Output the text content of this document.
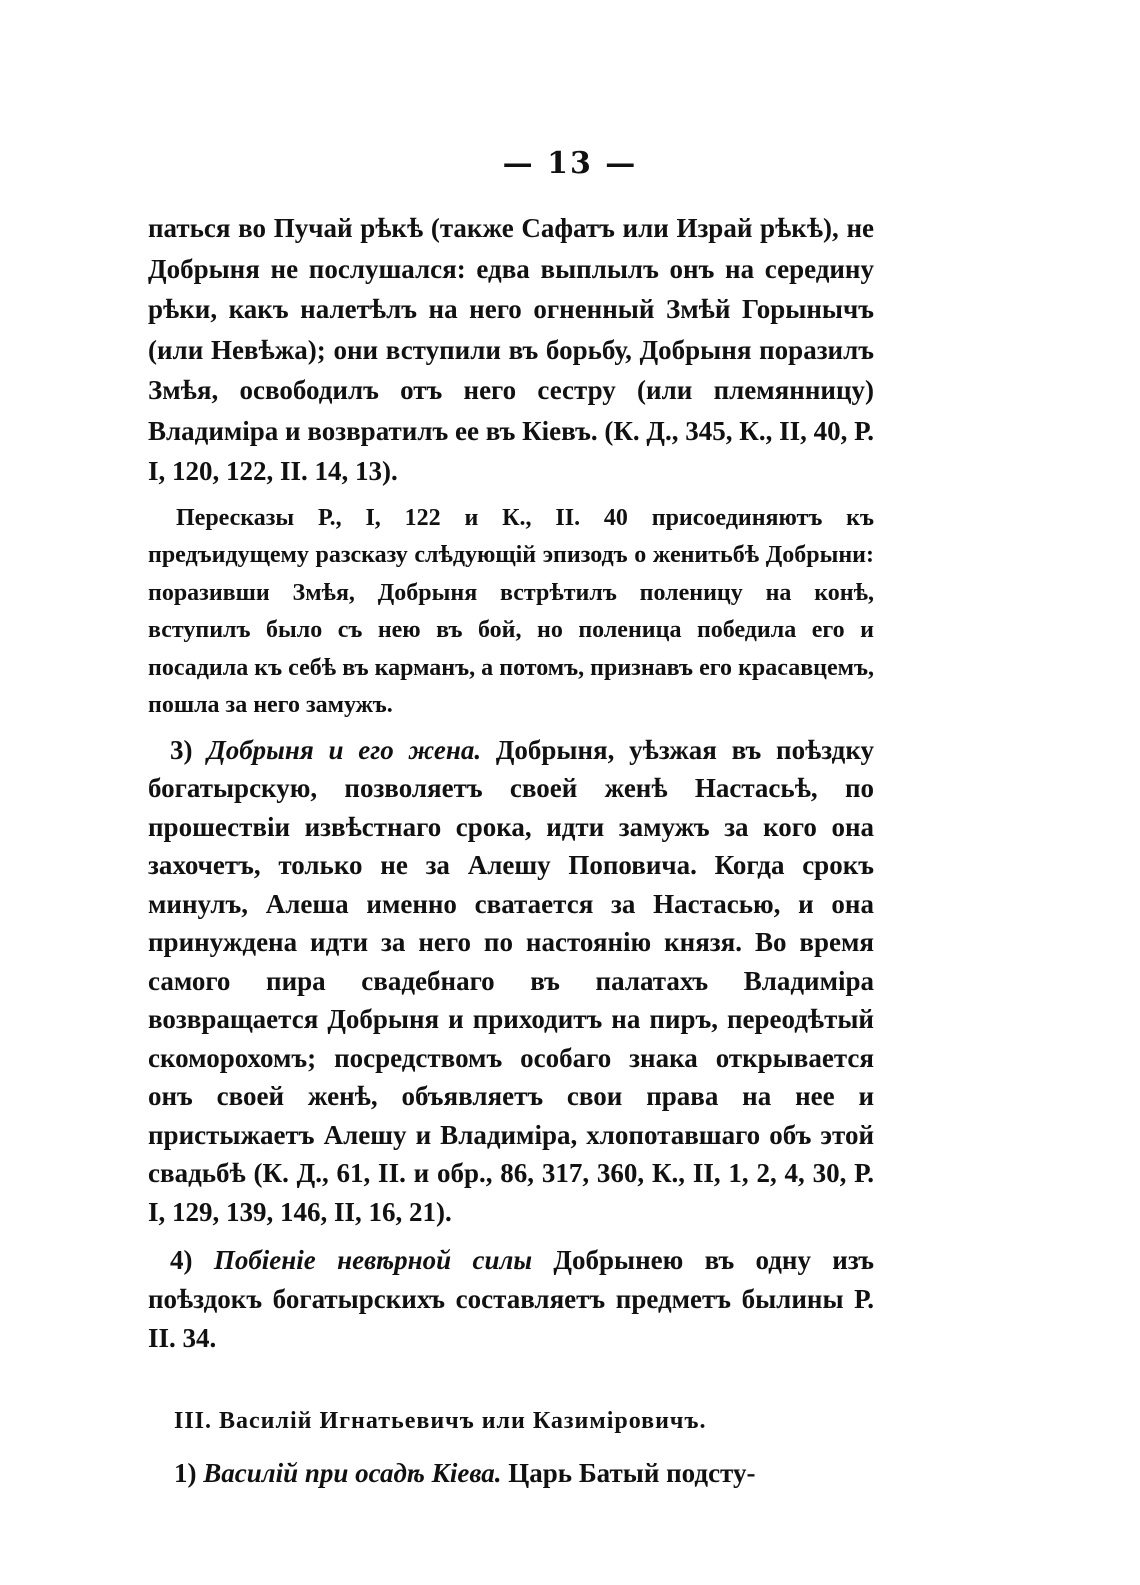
— 13 —

паться во Пучай рѣкѣ (также Сафатъ или Израй рѣкѣ), не Добрыня не послушался: едва выплылъ онъ на середину рѣки, какъ налетѣлъ на него огненный Змѣй Горынычъ (или Невѣжа); они вступили въ борьбу, Добрыня поразилъ Змѣя, освободилъ отъ него сестру (или племянницу) Владиміра и возвратилъ ее въ Кіевъ. (К. Д., 345, К., II, 40, Р. I, 120, 122, II. 14, 13).

Пересказы Р., I, 122 и К., II. 40 присоединяютъ къ предъидущему разсказу слѣдующій эпизодъ о женитьбѣ Добрыни: поразивши Змѣя, Добрыня встрѣтилъ поленицу на конѣ, вступилъ было съ нею въ бой, но поленица победила его и посадила къ себѣ въ карманъ, а потомъ, признавъ его красавцемъ, пошла за него замужъ.

3) Добрыня и его жена. Добрыня, уѣзжая въ поѣздку богатырскую, позволяетъ своей женѣ Настасьѣ, по прошествіи извѣстнаго срока, идти замужъ за кого она захочетъ, только не за Алешу Поповича. Когда срокъ минулъ, Алеша именно сватается за Настасью, и она принуждена идти за него по настоянію князя. Во время самого пира свадебнаго въ палатахъ Владиміра возвращается Добрыня и приходитъ на пиръ, переодѣтый скоморохомъ; посредствомъ особаго знака открывается онъ своей женѣ, объявляетъ свои права на нее и пристыжаетъ Алешу и Владиміра, хлопотавшаго объ этой свадьбѣ (К. Д., 61, II. и обр., 86, 317, 360, К., II, 1, 2, 4, 30, Р. I, 129, 139, 146, II, 16, 21).

4) Побіеніе невѣрной силы Добрынею въ одну изъ поѣздокъ богатырскихъ составляетъ предметъ былины Р. II. 34.

III. Василій Игнатьевичъ или Казиміровичъ.

1) Василій при осадѣ Кіева. Царь Батый подсту-
